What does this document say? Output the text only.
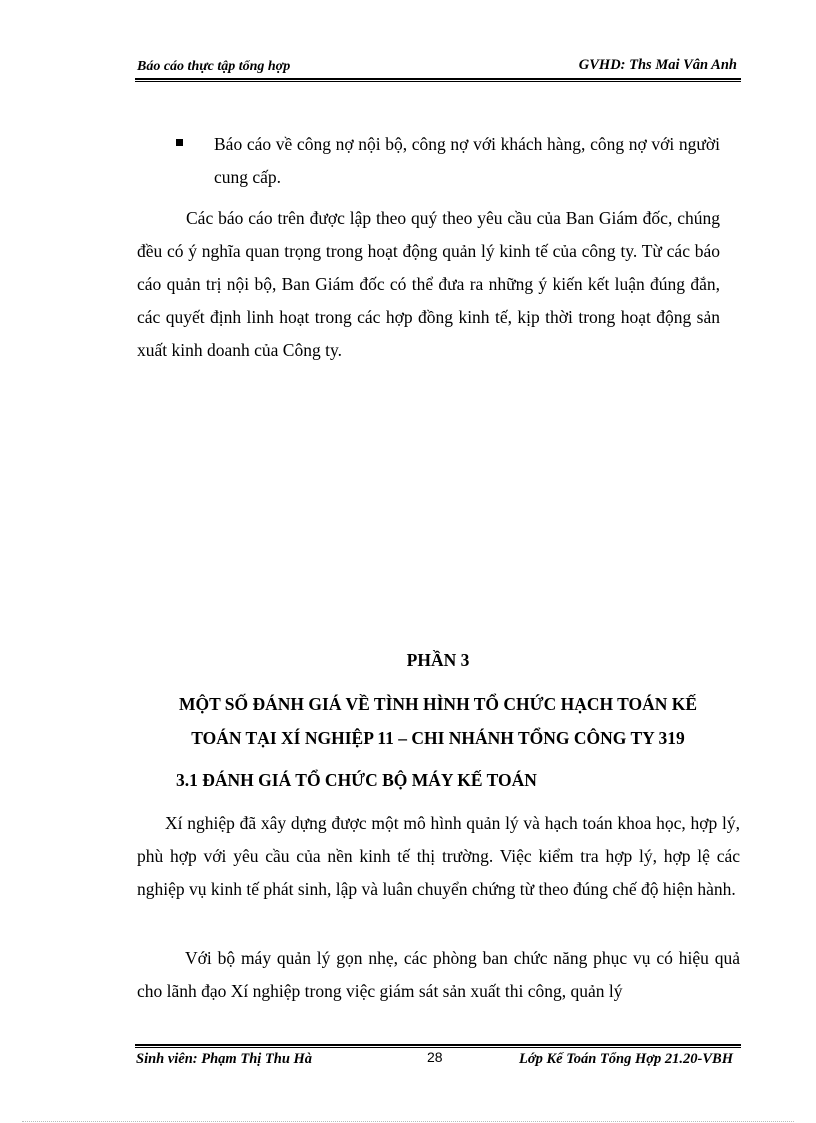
Báo cáo thực tập tổng hợp	GVHD: Ths Mai Vân Anh
Báo cáo về công nợ nội bộ, công nợ với khách hàng, công nợ với người cung cấp.
Các báo cáo trên được lập theo quý theo yêu cầu của Ban Giám đốc, chúng đều có ý nghĩa quan trọng trong hoạt động quản lý kinh tế của công ty. Từ các báo cáo quản trị nội bộ, Ban Giám đốc có thể đưa ra những ý kiến kết luận đúng đắn, các quyết định linh hoạt trong các hợp đồng kinh tế, kịp thời trong hoạt động sản xuất kinh doanh của Công ty.
PHẦN 3
MỘT SỐ ĐÁNH GIÁ VỀ TÌNH HÌNH TỔ CHỨC HẠCH TOÁN KẾ
TOÁN TẠI XÍ NGHIỆP 11 – CHI NHÁNH TỔNG CÔNG TY 319
3.1 ĐÁNH GIÁ TỔ CHỨC BỘ MÁY KẾ TOÁN
Xí nghiệp đã xây dựng được một mô hình quản lý và hạch toán khoa học, hợp lý, phù hợp với yêu cầu của nền kinh tế thị trường. Việc kiểm tra hợp lý, hợp lệ các nghiệp vụ kinh tế phát sinh, lập và luân chuyển chứng từ theo đúng chế độ hiện hành.
Với bộ máy quản lý gọn nhẹ, các phòng ban chức năng phục vụ có hiệu quả cho lãnh đạo Xí nghiệp trong việc giám sát sản xuất thi công, quản lý
Sinh viên: Phạm Thị Thu Hà	28	Lớp Kế Toán Tổng Hợp 21.20-VBH
